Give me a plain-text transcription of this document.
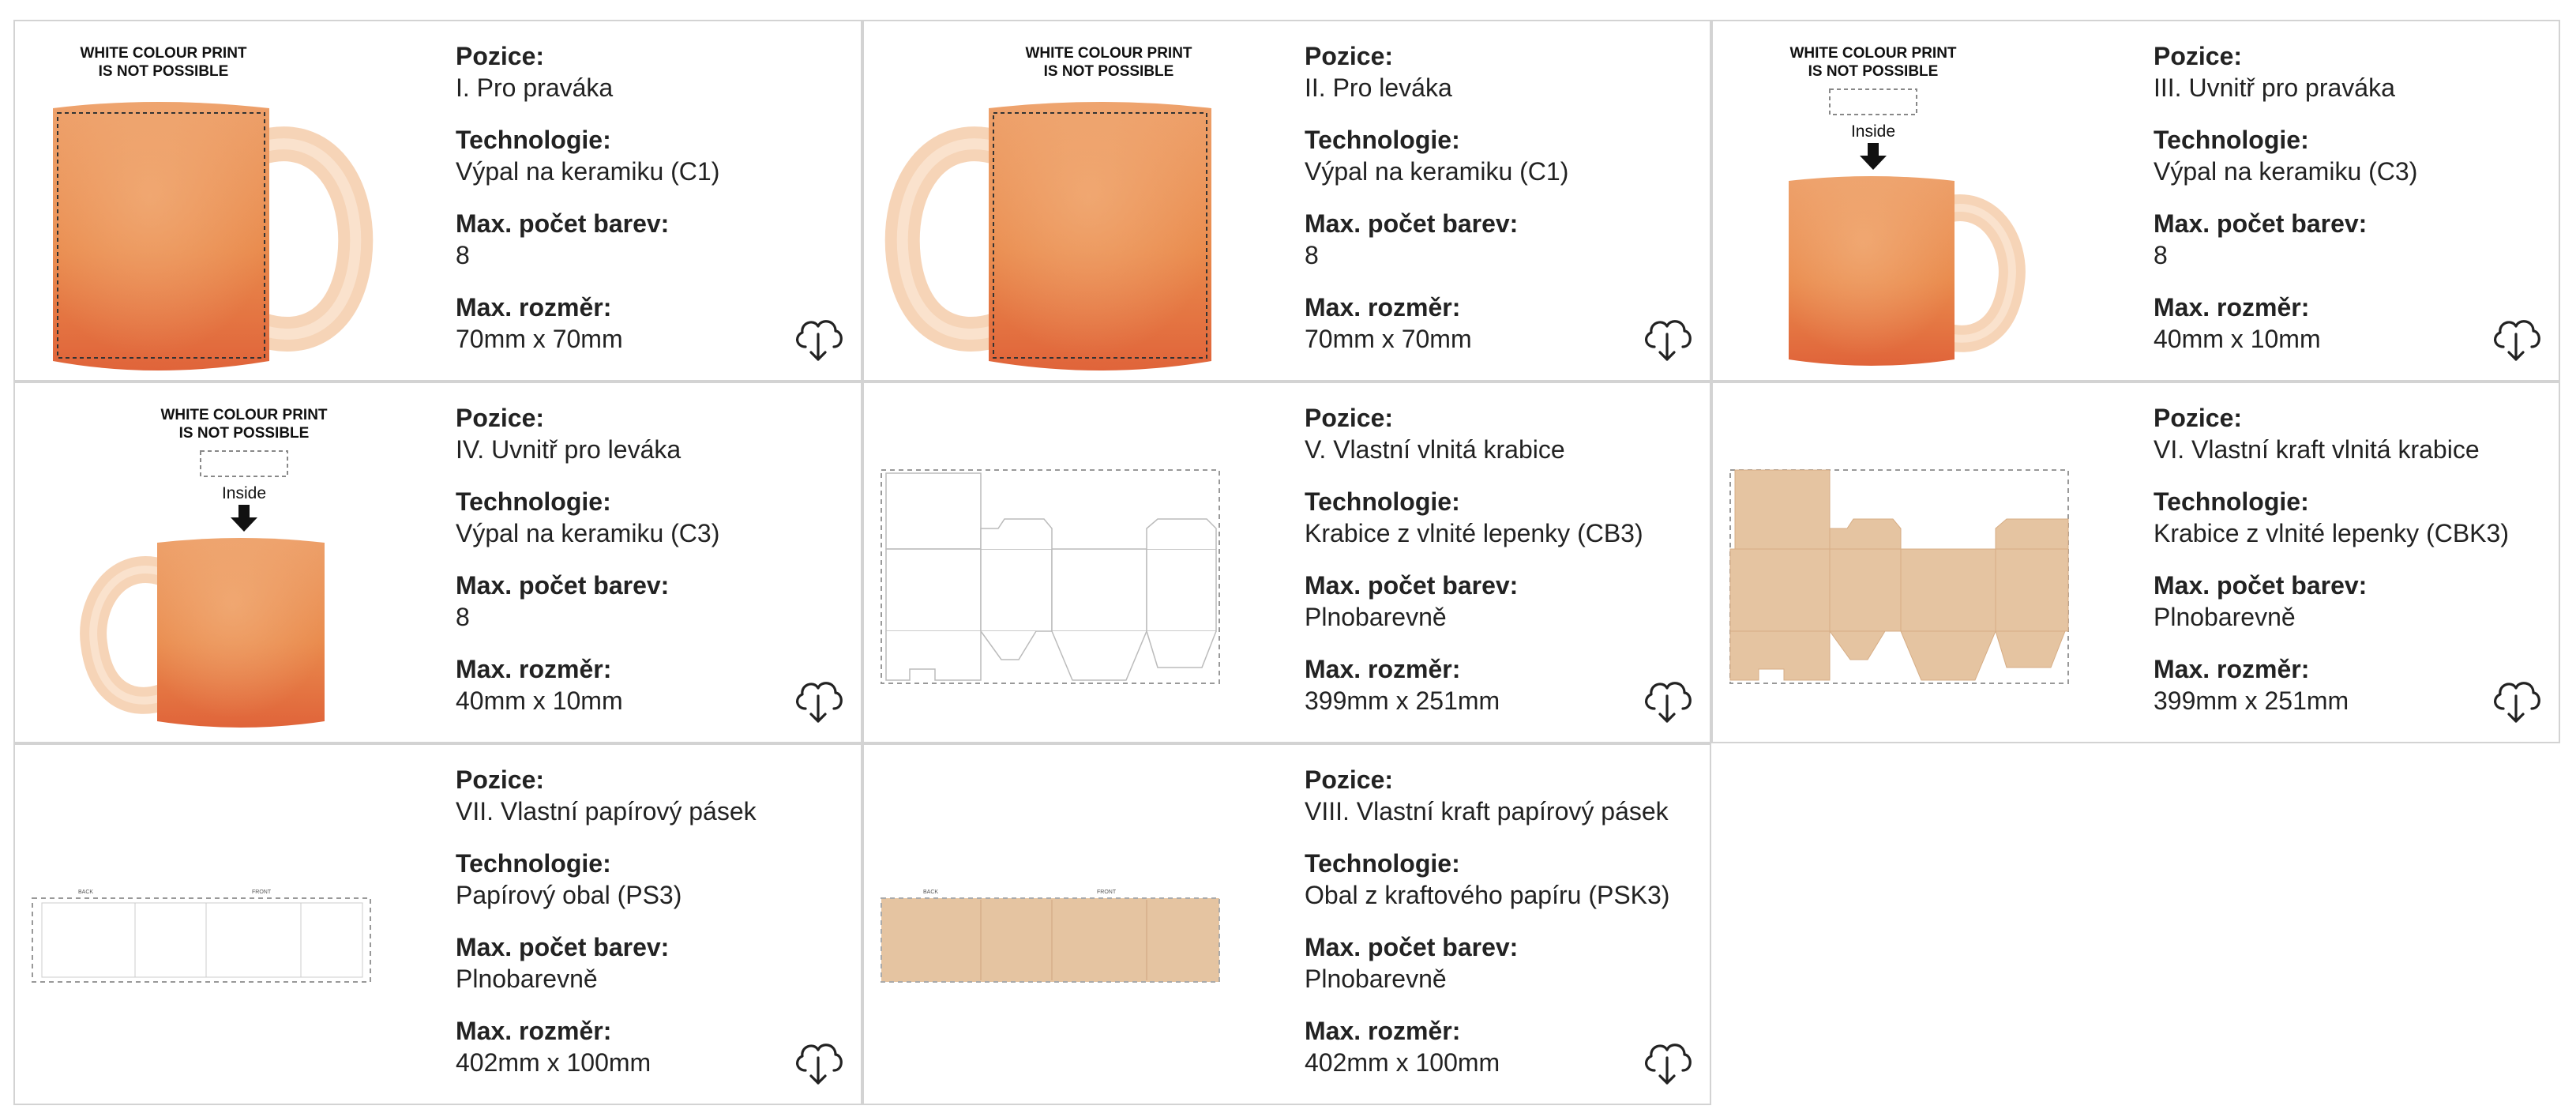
WHITE COLOUR PRINT
IS NOT POSSIBLE

Pozice:

I. Pro praváka

Technologie:

Výpal na keramiku (C1)

Max. počet barev:

8

Max. rozměr:

70mm x 70mm

WHITE COLOUR PRINT
IS NOT POSSIBLE

Pozice:

II. Pro leváka

Technologie:

Výpal na keramiku (C1)

Max. počet barev:

8

Max. rozměr:

70mm x 70mm

WHITE COLOUR PRINT
IS NOT POSSIBLE
Inside

Pozice:

III. Uvnitř pro praváka

Technologie:

Výpal na keramiku (C3)

Max. počet barev:

8

Max. rozměr:

40mm x 10mm

WHITE COLOUR PRINT
IS NOT POSSIBLE
Inside

Pozice:

IV. Uvnitř pro leváka

Technologie:

Výpal na keramiku (C3)

Max. počet barev:

8

Max. rozměr:

40mm x 10mm

Pozice:

V. Vlastní vlnitá krabice

Technologie:

Krabice z vlnité lepenky (CB3)

Max. počet barev:

Plnobarevně

Max. rozměr:

399mm x 251mm

Pozice:

VI. Vlastní kraft vlnitá krabice

Technologie:

Krabice z vlnité lepenky (CBK3)

Max. počet barev:

Plnobarevně

Max. rozměr:

399mm x 251mm

BACK	FRONT

Pozice:

VII. Vlastní papírový pásek

Technologie:

Papírový obal (PS3)

Max. počet barev:

Plnobarevně

Max. rozměr:

402mm x 100mm

BACK	FRONT

Pozice:

VIII. Vlastní kraft papírový pásek

Technologie:

Obal z kraftového papíru (PSK3)

Max. počet barev:

Plnobarevně

Max. rozměr:

402mm x 100mm
